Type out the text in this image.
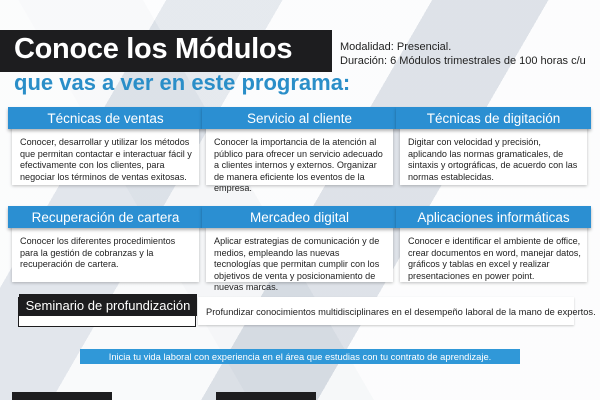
Conoce los Módulos
que vas a ver en este programa:
Modalidad: Presencial.
Duración: 6 Módulos trimestrales de 100 horas c/u
Técnicas de ventas
Conocer, desarrollar y utilizar los métodos que permitan contactar e interactuar fácil y efectivamente con los clientes, para negociar los términos de ventas exitosas.
Servicio al cliente
Conocer la importancia de la atención al público para ofrecer un servicio adecuado a clientes internos y externos. Organizar de manera eficiente los eventos de la empresa.
Técnicas de digitación
Digitar con velocidad y precisión, aplicando las normas gramaticales, de sintaxis y ortográficas, de acuerdo con las normas establecidas.
Recuperación de cartera
Conocer los diferentes procedimientos para la gestión de cobranzas y la recuperación de cartera.
Mercadeo digital
Aplicar estrategias de comunicación y de medios, empleando las nuevas tecnologías que permitan cumplir con los objetivos de venta y posicionamiento de nuevas marcas.
Aplicaciones informáticas
Conocer e identificar el ambiente de office, crear documentos en word, manejar datos, gráficos y tablas en excel y realizar presentaciones en power point.
Seminario de profundización	Profundizar conocimientos multidisciplinares en el desempeño laboral de la mano de expertos.
Inicia tu vida laboral con experiencia en el área que estudias con tu contrato de aprendizaje.
